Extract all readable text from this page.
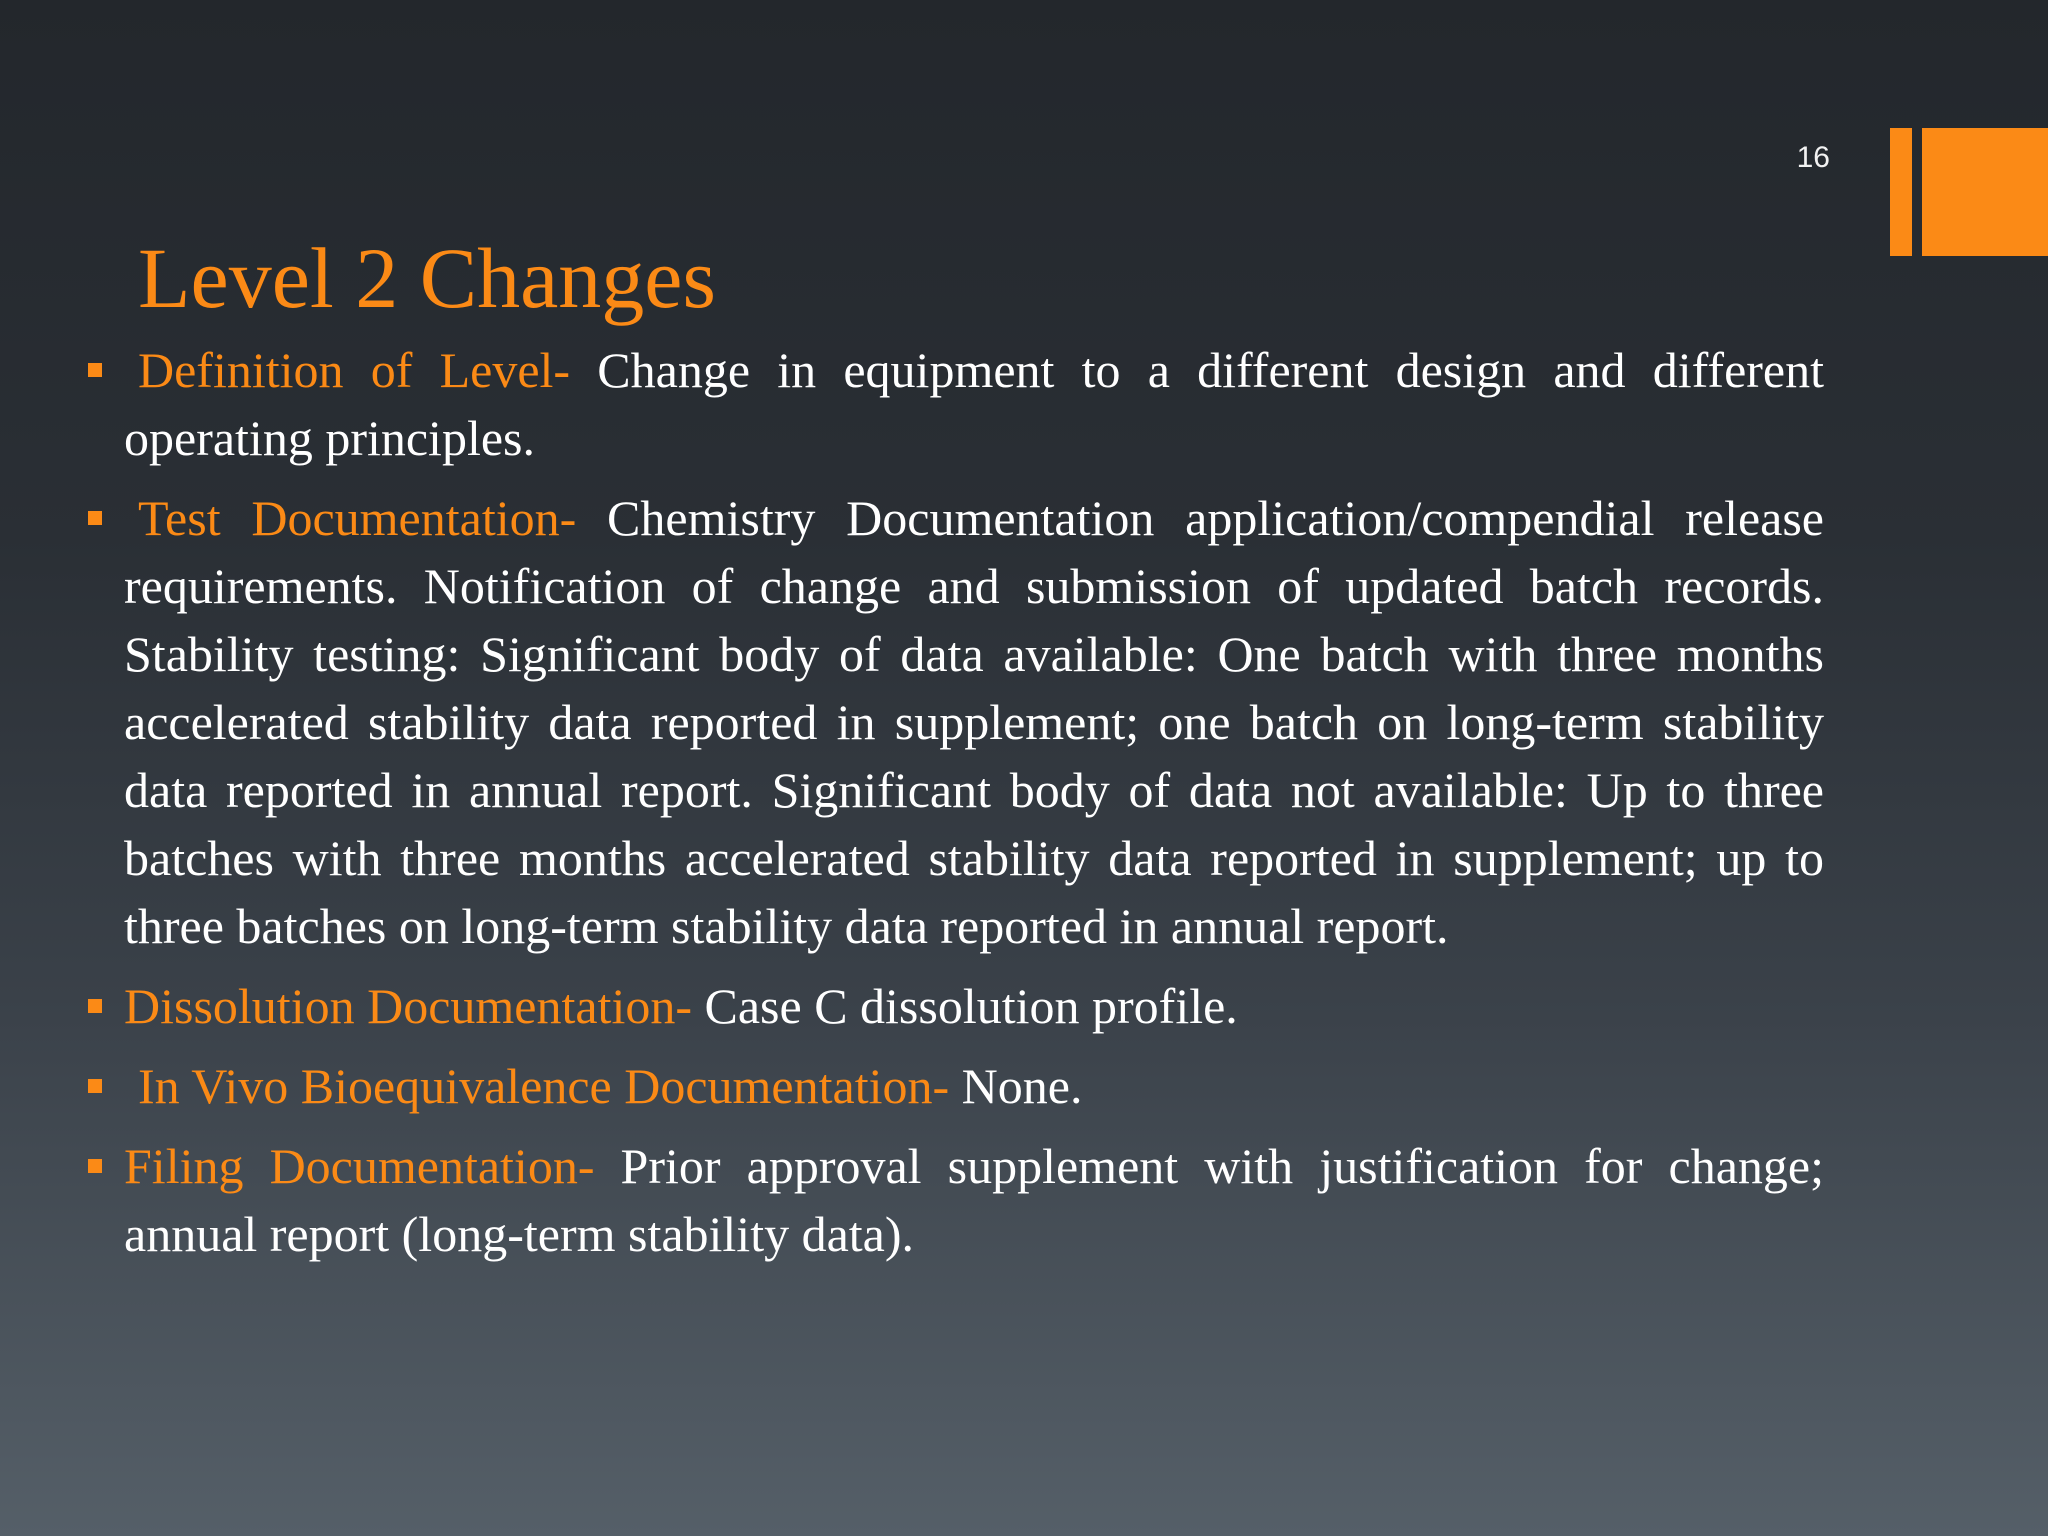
16
Level 2 Changes
Definition of Level- Change in equipment to a different design and different operating principles.
Test Documentation- Chemistry Documentation application/compendial release requirements. Notification of change and submission of updated batch records. Stability testing: Significant body of data available: One batch with three months accelerated stability data reported in supplement; one batch on long-term stability data reported in annual report. Significant body of data not available: Up to three batches with three months accelerated stability data reported in supplement; up to three batches on long-term stability data reported in annual report.
Dissolution Documentation- Case C dissolution profile.
In Vivo Bioequivalence Documentation- None.
Filing Documentation- Prior approval supplement with justification for change; annual report (long-term stability data).
